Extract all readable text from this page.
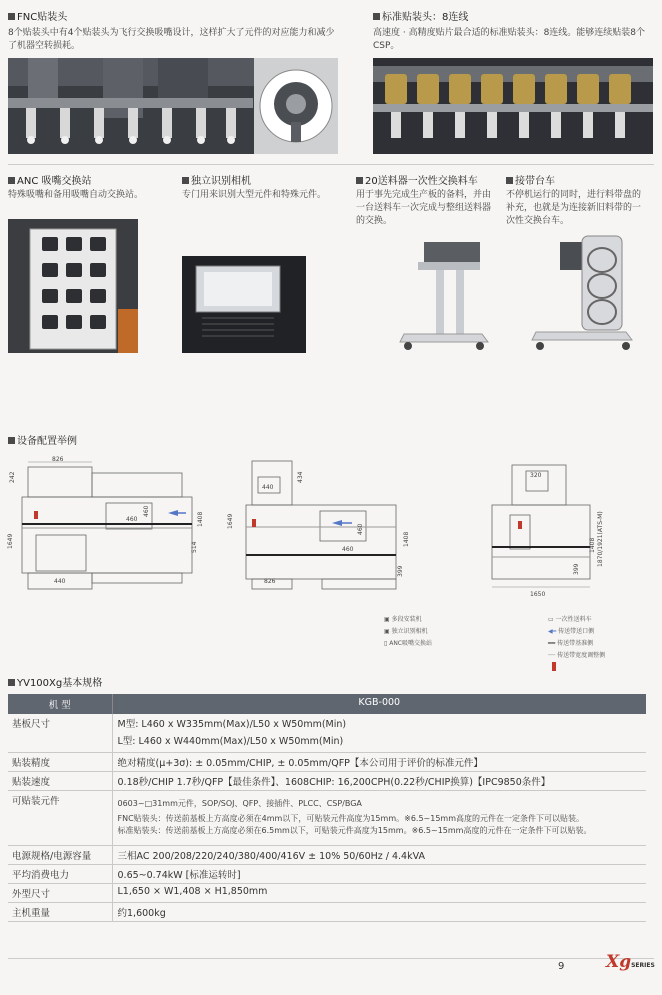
FNC贴装头
8个贴装头中有4个贴装头为飞行交换吸嘴设计，这样扩大了元件的对应能力和减少了机器空转损耗。
标准贴装头：8连线
高速度 · 高精度贴片最合适的标准贴装头：8连线。能够连续贴装8个CSP。
ANC 吸嘴交换站
特殊吸嘴和备用吸嘴自动交换站。
独立识别相机
专门用来识别大型元件和特殊元件。
20送料器一次性交换料车
用于事先完成生产板的备料，并由一台送料车一次完成与整组送料器的交换。
接带台车
不停机运行的同时，进行料带盘的补充，也就是为连接新旧料带的一次性交换台车。
设备配置举例
826
242
1649
1408
514
460
460
440
1649
434
440
1408
399
460
460
826
320
1408 1870/1921(ATS-M)
399
1650
▣ 多段安装机
▣ 独立识别相机
▯ ANC吸嘴交换站
▭ 一次性送料车
◀━ 传送带送口侧
━━ 传送带基准侧
── 传送带宽度调整侧
YV100Xg基本规格
机 型	KGB-000
基板尺寸	M型: L460 x W335mm(Max)/L50 x W50mm(Min)
L型: L460 x W440mm(Max)/L50 x W50mm(Min)

贴装精度	绝对精度(μ+3σ): ± 0.05mm/CHIP, ± 0.05mm/QFP【本公司用于评价的标准元件】
贴装速度	0.18秒/CHIP 1.7秒/QFP【最佳条件】、1608CHIP: 16,200CPH(0.22秒/CHIP换算)【IPC9850条件】
可贴装元件	0603~□31mm元件，SOP/SOJ、QFP、接插件、PLCC、CSP/BGA
FNC贴装头：传送前基板上方高度必须在4mm以下，可贴装元件高度为15mm。※6.5~15mm高度的元件在一定条件下可以贴装。
标准贴装头：传送前基板上方高度必须在6.5mm以下，可贴装元件高度为15mm。※6.5~15mm高度的元件在一定条件下可以贴装。

电源规格/电源容量	三相AC 200/208/220/240/380/400/416V ± 10% 50/60Hz / 4.4kVA
平均消费电力	0.65~0.74kW [标准运转时]
外型尺寸	L1,650 × W1,408 × H1,850mm
主机重量	约1,600kg
9 XgSERIES
